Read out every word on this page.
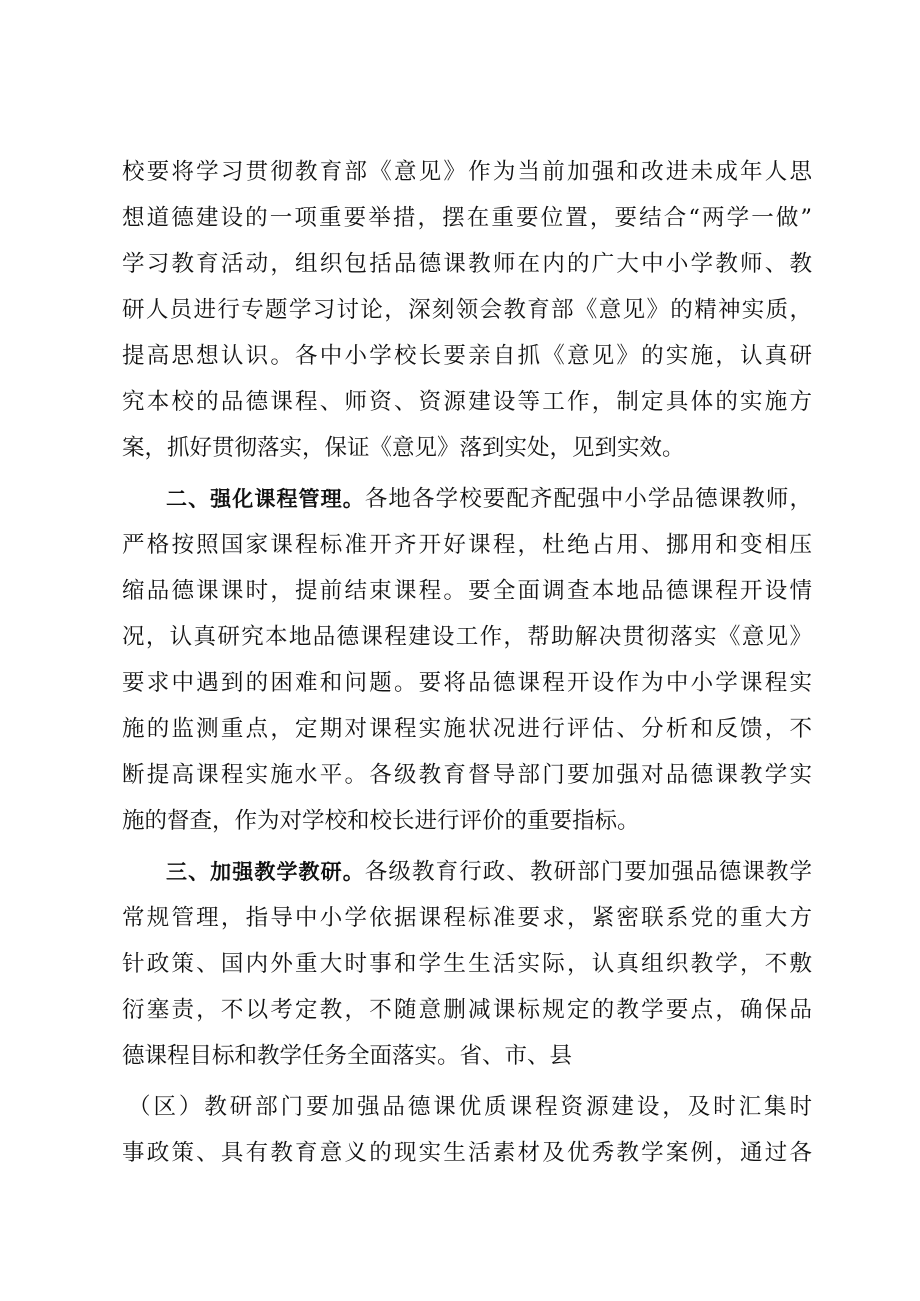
校要将学习贯彻教育部《意见》作为当前加强和改进未成年人思
想道德建设的一项重要举措，摆在重要位置，要结合“两学一做”
学习教育活动，组织包括品德课教师在内的广大中小学教师、教
研人员进行专题学习讨论，深刻领会教育部《意见》的精神实质，
提高思想认识。各中小学校长要亲自抓《意见》的实施，认真研
究本校的品德课程、师资、资源建设等工作，制定具体的实施方
案，抓好贯彻落实，保证《意见》落到实处，见到实效。
二、强化课程管理。各地各学校要配齐配强中小学品德课教师，
严格按照国家课程标准开齐开好课程，杜绝占用、挪用和变相压
缩品德课课时，提前结束课程。要全面调查本地品德课程开设情
况，认真研究本地品德课程建设工作，帮助解决贯彻落实《意见》
要求中遇到的困难和问题。要将品德课程开设作为中小学课程实
施的监测重点，定期对课程实施状况进行评估、分析和反馈，不
断提高课程实施水平。各级教育督导部门要加强对品德课教学实
施的督查，作为对学校和校长进行评价的重要指标。
三、加强教学教研。各级教育行政、教研部门要加强品德课教学
常规管理，指导中小学依据课程标准要求，紧密联系党的重大方
针政策、国内外重大时事和学生生活实际，认真组织教学，不敷
衍塞责，不以考定教，不随意删减课标规定的教学要点，确保品
德课程目标和教学任务全面落实。省、市、县
（区）教研部门要加强品德课优质课程资源建设，及时汇集时
事政策、具有教育意义的现实生活素材及优秀教学案例，通过各
